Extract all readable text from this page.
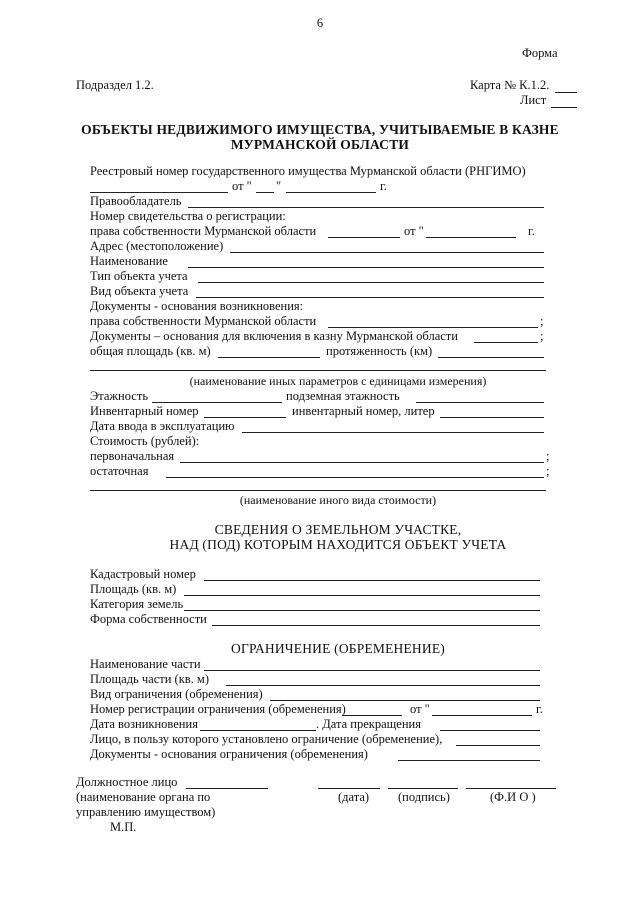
6
Форма
Подраздел 1.2.	Карта № К.1.2.
Лист
ОБЪЕКТЫ НЕДВИЖИМОГО ИМУЩЕСТВА, УЧИТЫВАЕМЫЕ В КАЗНЕ
МУРМАНСКОЙ ОБЛАСТИ
Реестровый номер государственного имущества Мурманской области (РНГИМО)
от " "	г.
Правообладатель
Номер свидетельства о регистрации:
права собственности Мурманской области	от "	г.
Адрес (местоположение)
Наименование
Тип объекта учета
Вид объекта учета
Документы - основания возникновения:
права собственности Мурманской области	;
Документы – основания для включения в казну Мурманской области	;
общая площадь (кв. м)	протяженность (км)
(наименование иных параметров с единицами измерения)
Этажность	подземная этажность
Инвентарный номер	инвентарный номер, литер
Дата ввода в эксплуатацию
Стоимость (рублей):
первоначальная	;
остаточная	;
(наименование иного вида стоимости)
СВЕДЕНИЯ О ЗЕМЕЛЬНОМ УЧАСТКЕ,
НАД (ПОД) КОТОРЫМ НАХОДИТСЯ ОБЪЕКТ УЧЕТА
Кадастровый номер
Площадь (кв. м)
Категория земель
Форма собственности
ОГРАНИЧЕНИЕ (ОБРЕМЕНЕНИЕ)
Наименование части
Площадь части (кв. м)
Вид ограничения (обременения)
Номер регистрации ограничения (обременения)	от "	г.
Дата возникновения	. Дата прекращения
Лицо, в пользу которого установлено ограничение (обременение),
Документы - основания ограничения (обременения)
Должностное лицо
(наименование органа по	(дата) (подпись)	(Ф.И О )
управлению имуществом)
М.П.
